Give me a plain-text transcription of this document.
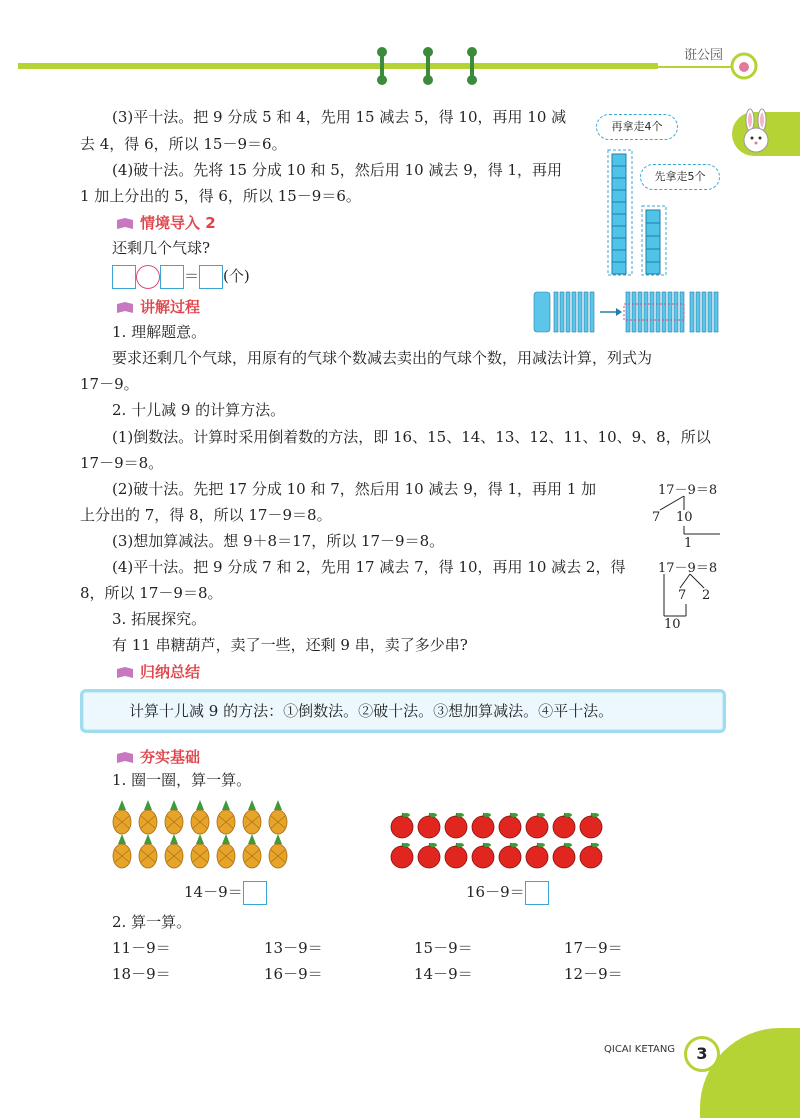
诳公园
(3)平十法。把 9 分成 5 和 4，先用 15 减去 5，得 10，再用 10 减
去 4，得 6，所以 15－9＝6。
(4)破十法。先将 15 分成 10 和 5，然后用 10 减去 9，得 1，再用
1 加上分出的 5，得 6，所以 15－9＝6。
再拿走4个
先拿走5个
情境导入 2
还剩几个气球?
＝ (个)
讲解过程
1. 理解题意。
要求还剩几个气球，用原有的气球个数减去卖出的气球个数，用减法计算，列式为
17－9。
2. 十儿减 9 的计算方法。
(1)倒数法。计算时采用倒着数的方法，即 16、15、14、13、12、11、10、9、8，所以
17－9＝8。
(2)破十法。先把 17 分成 10 和 7，然后用 10 减去 9，得 1，再用 1 加
上分出的 7，得 8，所以 17－9＝8。
(3)想加算减法。想 9＋8＝17，所以 17－9＝8。
(4)平十法。把 9 分成 7 和 2，先用 17 减去 7，得 10，再用 10 减去 2，得
8，所以 17－9＝8。
3. 拓展探究。
有 11 串糖葫芦，卖了一些，还剩 9 串，卖了多少串?
17－9＝8
7 10
1
17－9＝8
7 2
10
归纳总结
计算十儿减 9 的方法：①倒数法。②破十法。③想加算减法。④平十法。
夯实基础
1. 圈一圈，算一算。
14－9＝	16－9＝
2. 算一算。
11－9＝	13－9＝	15－9＝	17－9＝
18－9＝	16－9＝	14－9＝	12－9＝
QICAI KETANG	3
